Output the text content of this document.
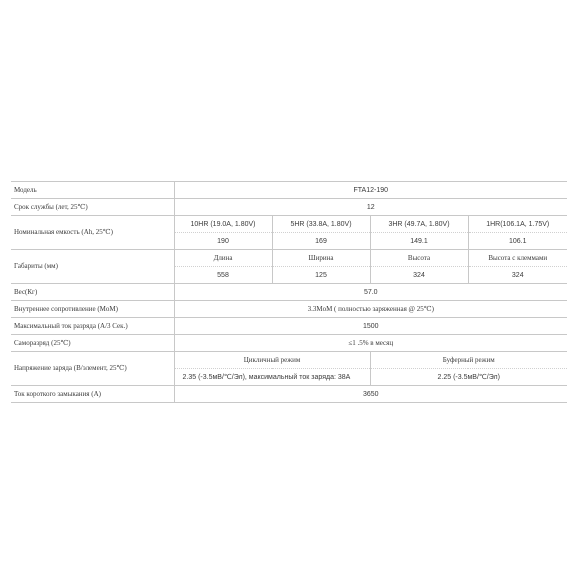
Модель	FTA12-190			
Срок службы (лет, 25℃)	12			
Номинальная емкость (Ah, 25℃)	10HR (19.0A, 1.80V)	5HR (33.8A, 1.80V)	3HR (49.7A, 1.80V)	1HR(106.1A, 1.75V)
	190	169	149.1	106.1
Габариты (мм)	Длина	Ширина	Высота	Высота с клеммами
	558	125	324	324
Вес(Кг)	57.0			
Внутреннее сопротивление (MoM)	3.3MoM ( полностью заряженная @ 25℃)			
Максимальный ток разряда (A/3 Сек.)	1500			
Саморазряд (25℃)	≤1 .5% в месяц			
Напряжение заряда (В/элемент, 25℃)	Цикличный режим		Буферный режим	
	2.35 (-3.5мВ/℃/Эл), максимальный ток заряда: 38A		2.25 (-3.5мВ/℃/Эл)	
Ток короткого замыкания (A)	3650			
